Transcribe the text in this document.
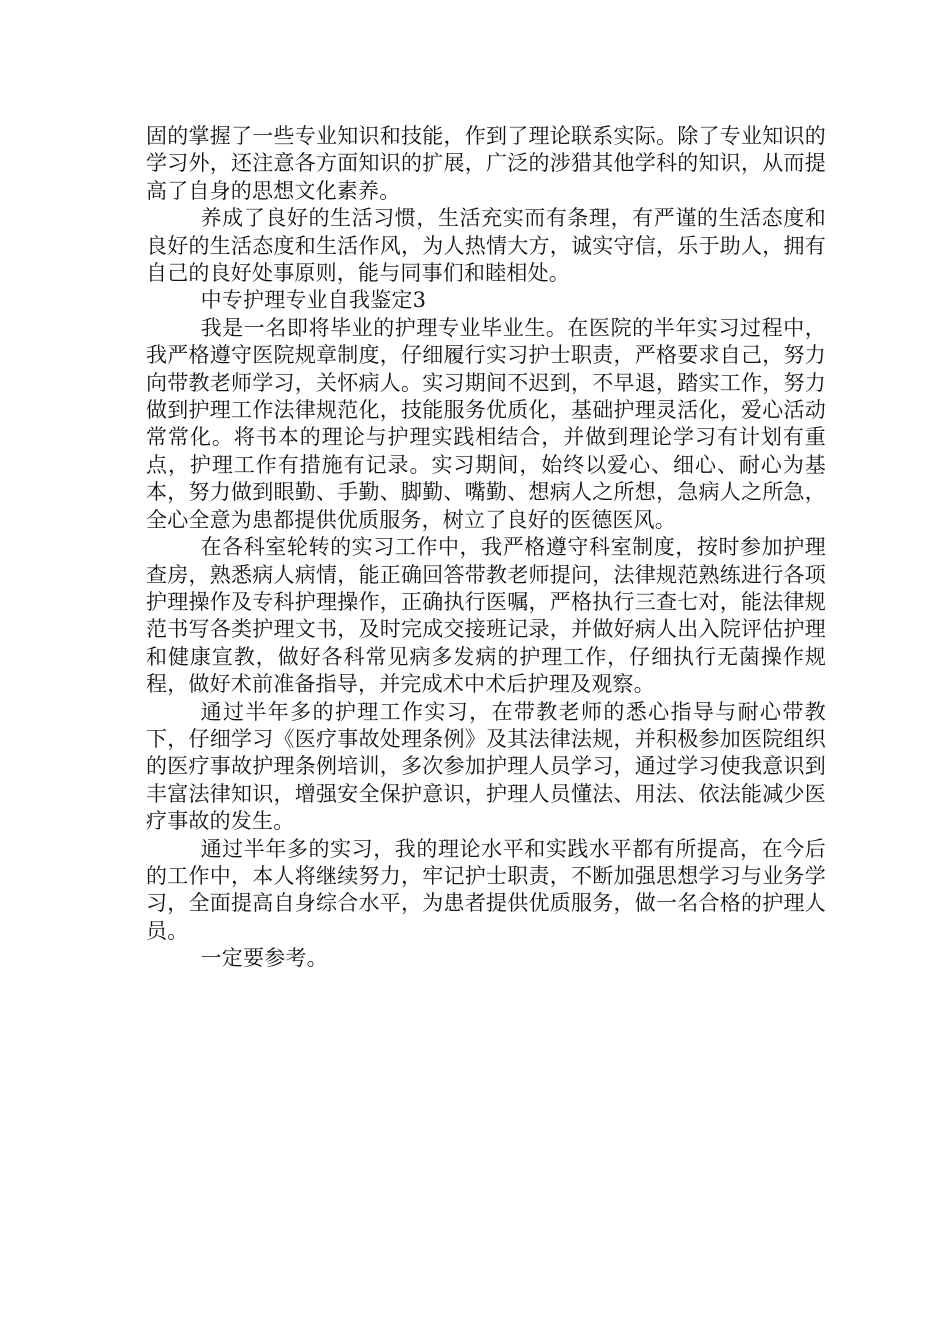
固的掌握了一些专业知识和技能，作到了理论联系实际。除了专业知识的学习外，还注意各方面知识的扩展，广泛的涉猎其他学科的知识，从而提高了自身的思想文化素养。

养成了良好的生活习惯，生活充实而有条理，有严谨的生活态度和良好的生活态度和生活作风，为人热情大方，诚实守信，乐于助人，拥有自己的良好处事原则，能与同事们和睦相处。

中专护理专业自我鉴定3

我是一名即将毕业的护理专业毕业生。在医院的半年实习过程中，我严格遵守医院规章制度，仔细履行实习护士职责，严格要求自己，努力向带教老师学习，关怀病人。实习期间不迟到，不早退，踏实工作，努力做到护理工作法律规范化，技能服务优质化，基础护理灵活化，爱心活动常常化。将书本的理论与护理实践相结合，并做到理论学习有计划有重点，护理工作有措施有记录。实习期间，始终以爱心、细心、耐心为基本，努力做到眼勤、手勤、脚勤、嘴勤、想病人之所想，急病人之所急，全心全意为患都提供优质服务，树立了良好的医德医风。

在各科室轮转的实习工作中，我严格遵守科室制度，按时参加护理查房，熟悉病人病情，能正确回答带教老师提问，法律规范熟练进行各项护理操作及专科护理操作，正确执行医嘱，严格执行三查七对，能法律规范书写各类护理文书，及时完成交接班记录，并做好病人出入院评估护理和健康宣教，做好各科常见病多发病的护理工作，仔细执行无菌操作规程，做好术前准备指导，并完成术中术后护理及观察。

通过半年多的护理工作实习，在带教老师的悉心指导与耐心带教下，仔细学习《医疗事故处理条例》及其法律法规，并积极参加医院组织的医疗事故护理条例培训，多次参加护理人员学习，通过学习使我意识到丰富法律知识，增强安全保护意识，护理人员懂法、用法、依法能减少医疗事故的发生。

通过半年多的实习，我的理论水平和实践水平都有所提高，在今后的工作中，本人将继续努力，牢记护士职责，不断加强思想学习与业务学习，全面提高自身综合水平，为患者提供优质服务，做一名合格的护理人员。

一定要参考。
